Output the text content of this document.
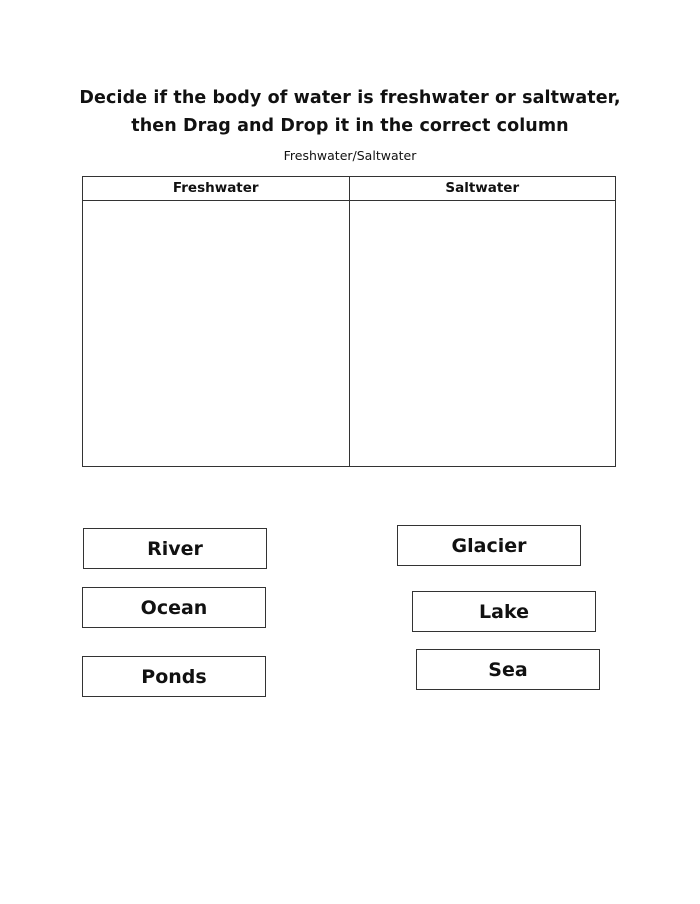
Decide if the body of water is freshwater or saltwater,
then Drag and Drop it in the correct column
Freshwater/Saltwater
Freshwater	Saltwater
River	Glacier
Ocean	Lake
Ponds	Sea
